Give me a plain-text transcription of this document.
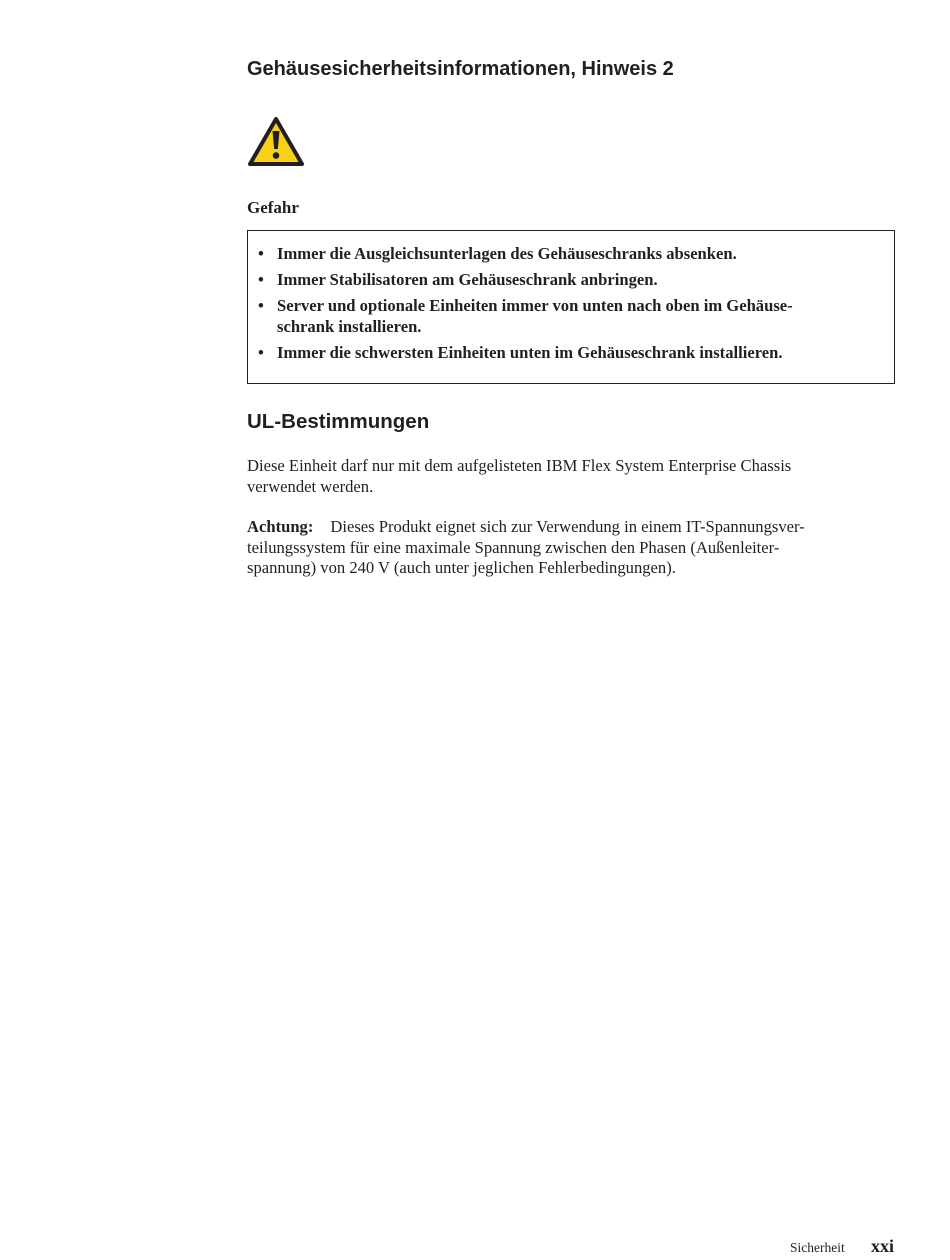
Gehäusesicherheitsinformationen, Hinweis 2
Gefahr
• Immer die Ausgleichsunterlagen des Gehäuseschranks absenken.
• Immer Stabilisatoren am Gehäuseschrank anbringen.
• Server und optionale Einheiten immer von unten nach oben im Gehäuse-
schrank installieren.
• Immer die schwersten Einheiten unten im Gehäuseschrank installieren.
UL-Bestimmungen

Diese Einheit darf nur mit dem aufgelisteten IBM Flex System Enterprise Chassis
verwendet werden.

Achtung: Dieses Produkt eignet sich zur Verwendung in einem IT-Spannungsver-
teilungssystem für eine maximale Spannung zwischen den Phasen (Außenleiter-
spannung) von 240 V (auch unter jeglichen Fehlerbedingungen).

Sicherheit xxi
